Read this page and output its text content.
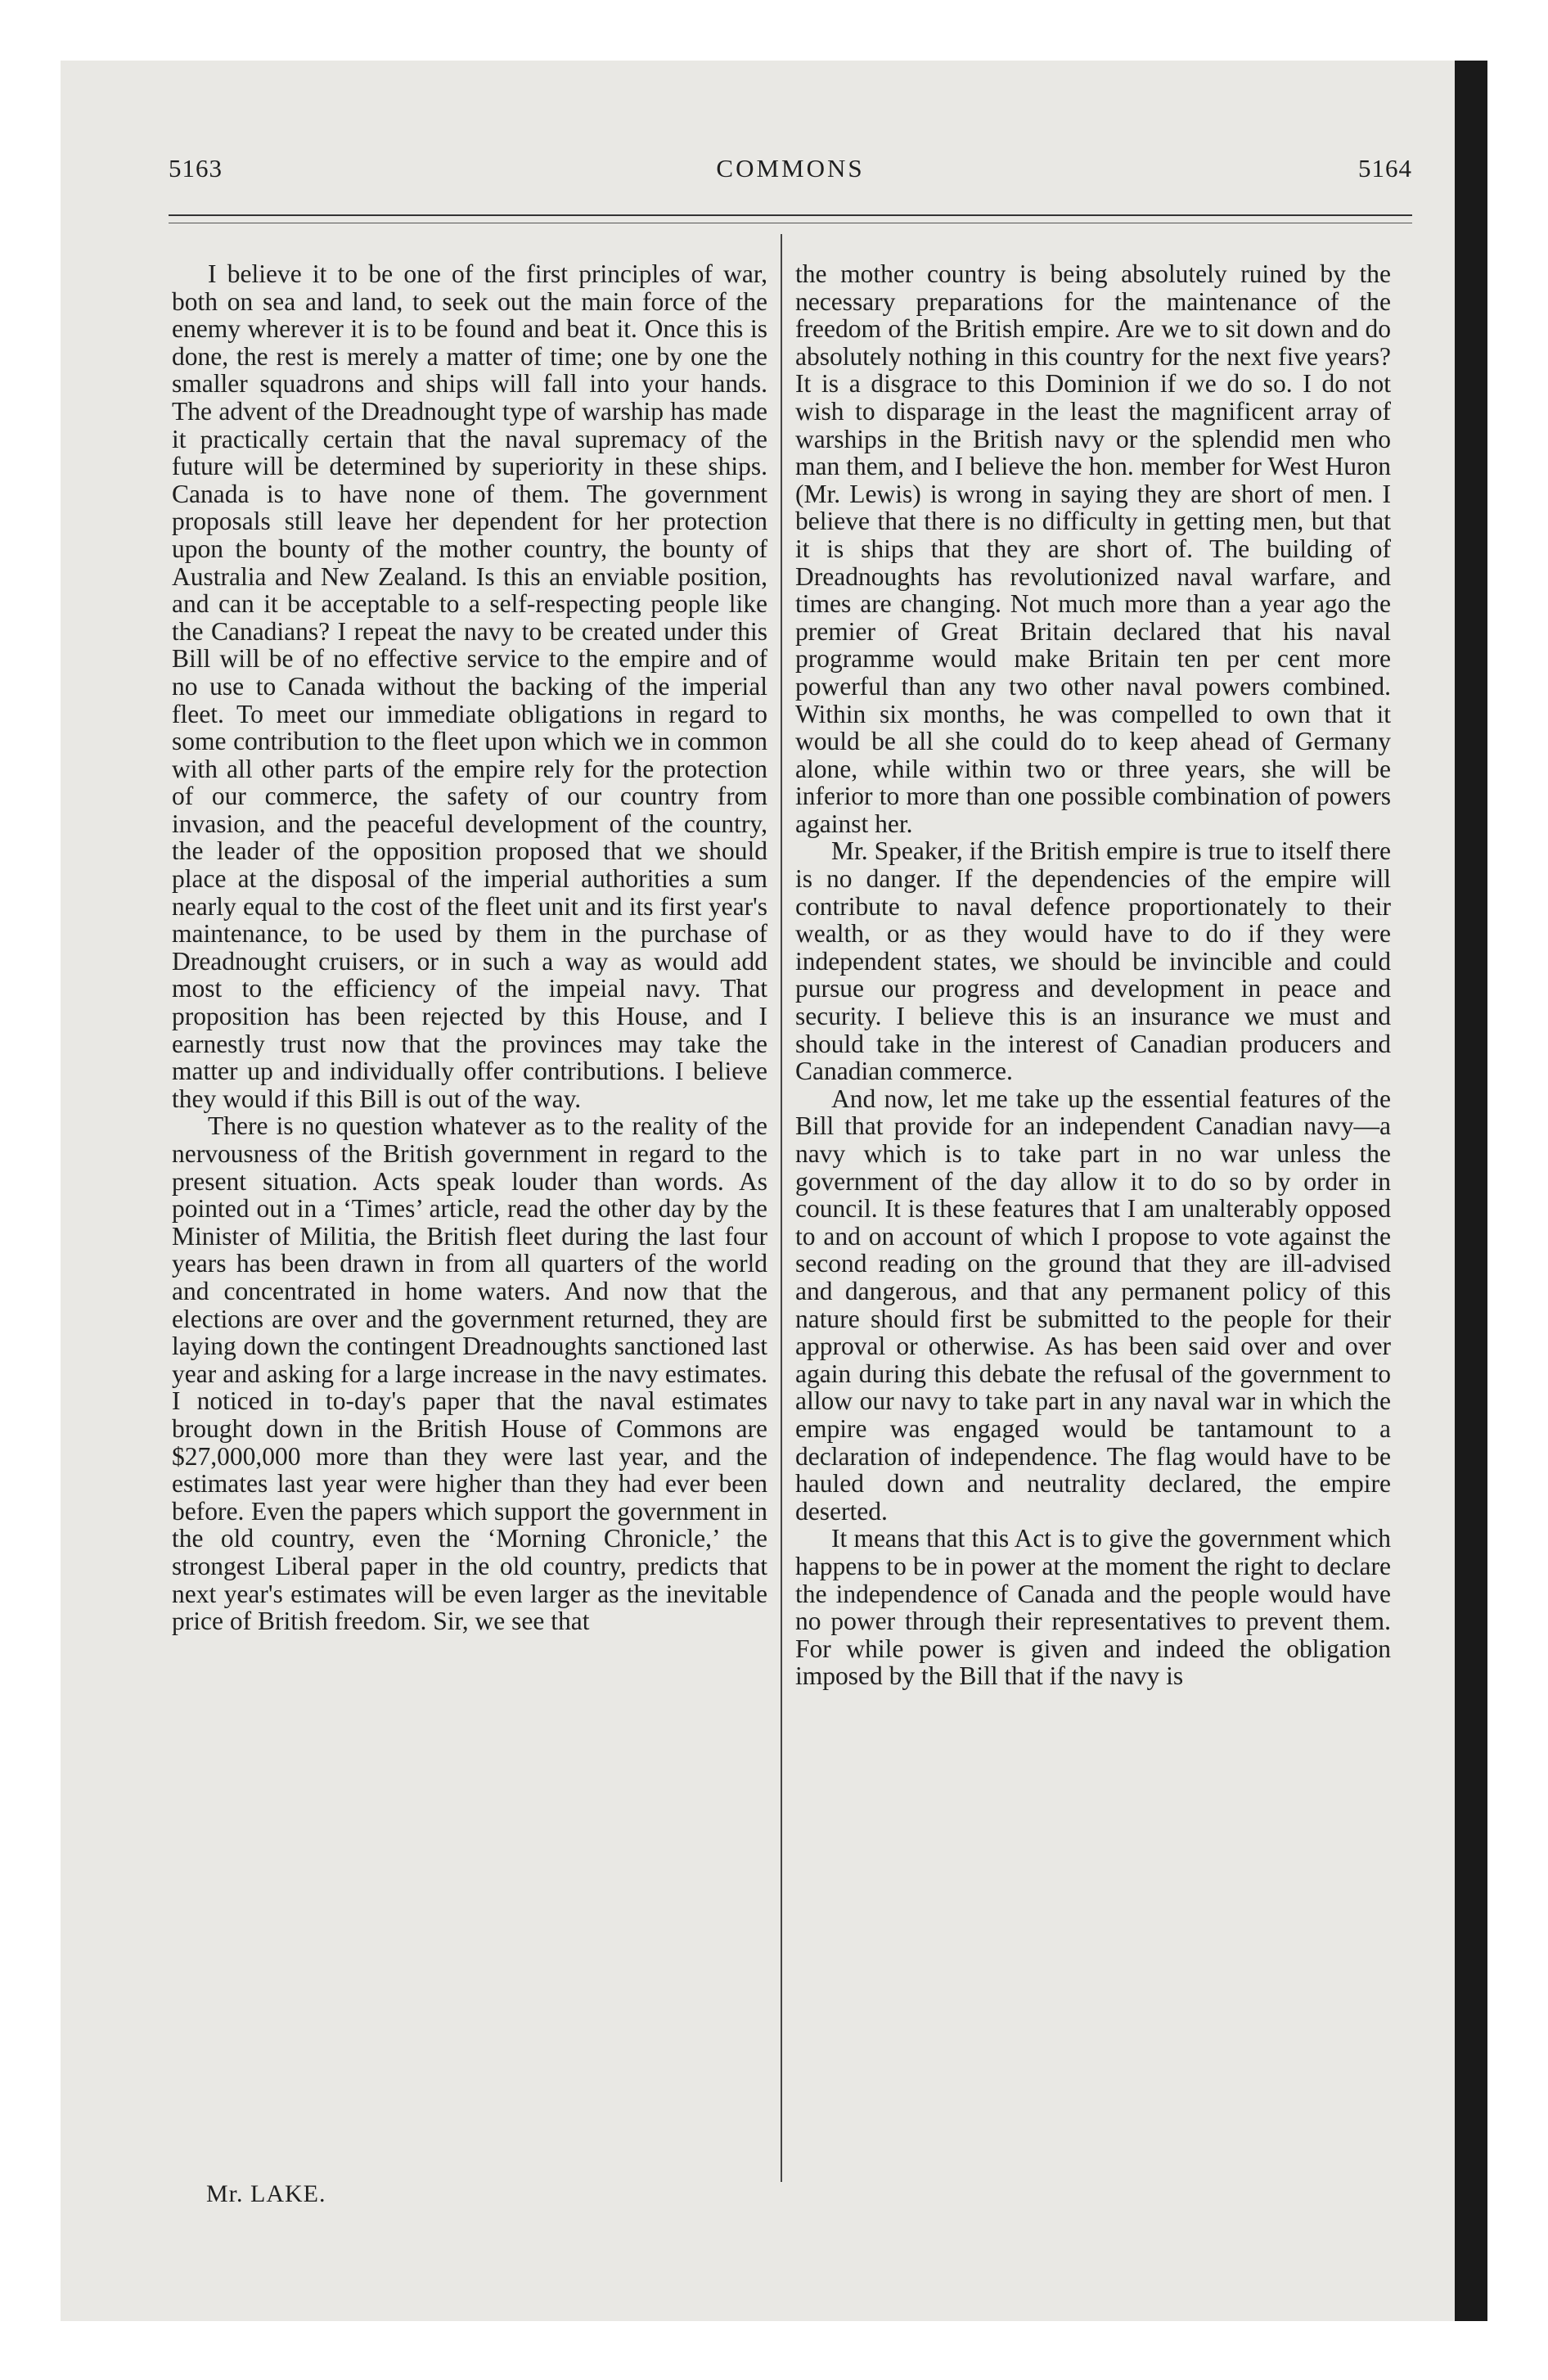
5163	COMMONS	5164

I believe it to be one of the first principles of war, both on sea and land, to seek out the main force of the enemy wherever it is to be found and beat it. Once this is done, the rest is merely a matter of time; one by one the smaller squadrons and ships will fall into your hands. The advent of the Dreadnought type of warship has made it practically certain that the naval supremacy of the future will be determined by superiority in these ships. Canada is to have none of them. The government proposals still leave her dependent for her protection upon the bounty of the mother country, the bounty of Australia and New Zealand. Is this an enviable position, and can it be acceptable to a self-respecting people like the Canadians? I repeat the navy to be created under this Bill will be of no effective service to the empire and of no use to Canada without the backing of the imperial fleet. To meet our immediate obligations in regard to some contribution to the fleet upon which we in common with all other parts of the empire rely for the protection of our commerce, the safety of our country from invasion, and the peaceful development of the country, the leader of the opposition proposed that we should place at the disposal of the imperial authorities a sum nearly equal to the cost of the fleet unit and its first year's maintenance, to be used by them in the purchase of Dreadnought cruisers, or in such a way as would add most to the efficiency of the impeial navy. That proposition has been rejected by this House, and I earnestly trust now that the provinces may take the matter up and individually offer contributions. I believe they would if this Bill is out of the way.

There is no question whatever as to the reality of the nervousness of the British government in regard to the present situation. Acts speak louder than words. As pointed out in a ‘Times’ article, read the other day by the Minister of Militia, the British fleet during the last four years has been drawn in from all quarters of the world and concentrated in home waters. And now that the elections are over and the government returned, they are laying down the contingent Dreadnoughts sanctioned last year and asking for a large increase in the navy estimates. I noticed in to-day's paper that the naval estimates brought down in the British House of Commons are $27,000,000 more than they were last year, and the estimates last year were higher than they had ever been before. Even the papers which support the government in the old country, even the ‘Morning Chronicle,’ the strongest Liberal paper in the old country, predicts that next year's estimates will be even larger as the inevitable price of British freedom. Sir, we see that

the mother country is being absolutely ruined by the necessary preparations for the maintenance of the freedom of the British empire. Are we to sit down and do absolutely nothing in this country for the next five years? It is a disgrace to this Dominion if we do so. I do not wish to disparage in the least the magnificent array of warships in the British navy or the splendid men who man them, and I believe the hon. member for West Huron (Mr. Lewis) is wrong in saying they are short of men. I believe that there is no difficulty in getting men, but that it is ships that they are short of. The building of Dreadnoughts has revolutionized naval warfare, and times are changing. Not much more than a year ago the premier of Great Britain declared that his naval programme would make Britain ten per cent more powerful than any two other naval powers combined. Within six months, he was compelled to own that it would be all she could do to keep ahead of Germany alone, while within two or three years, she will be inferior to more than one possible combination of powers against her.

Mr. Speaker, if the British empire is true to itself there is no danger. If the dependencies of the empire will contribute to naval defence proportionately to their wealth, or as they would have to do if they were independent states, we should be invincible and could pursue our progress and development in peace and security. I believe this is an insurance we must and should take in the interest of Canadian producers and Canadian commerce.

And now, let me take up the essential features of the Bill that provide for an independent Canadian navy—a navy which is to take part in no war unless the government of the day allow it to do so by order in council. It is these features that I am unalterably opposed to and on account of which I propose to vote against the second reading on the ground that they are ill-advised and dangerous, and that any permanent policy of this nature should first be submitted to the people for their approval or otherwise. As has been said over and over again during this debate the refusal of the government to allow our navy to take part in any naval war in which the empire was engaged would be tantamount to a declaration of independence. The flag would have to be hauled down and neutrality declared, the empire deserted.

It means that this Act is to give the government which happens to be in power at the moment the right to declare the independence of Canada and the people would have no power through their representatives to prevent them. For while power is given and indeed the obligation imposed by the Bill that if the navy is

Mr. LAKE.
